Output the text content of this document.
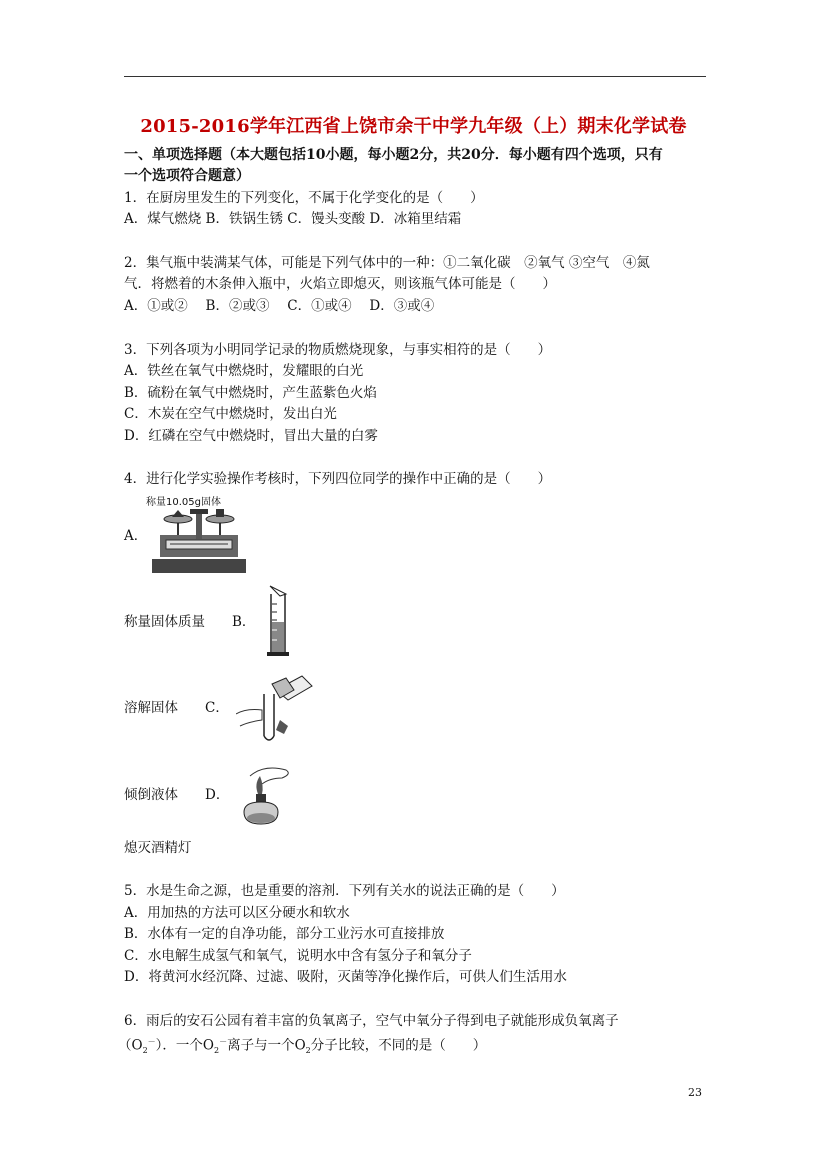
2015-2016学年江西省上饶市余干中学九年级（上）期末化学试卷
一、单项选择题（本大题包括10小题，每小题2分，共20分．每小题有四个选项，只有
一个选项符合题意）
1．在厨房里发生的下列变化，不属于化学变化的是（　　）
A．煤气燃烧 B．铁锅生锈 C．馒头变酸 D．冰箱里结霜
2．集气瓶中装满某气体，可能是下列气体中的一种：①二氧化碳　②氧气 ③空气　④氮
气．将燃着的木条伸入瓶中，火焰立即熄灭，则该瓶气体可能是（　　）
A．①或②　 B．②或③　 C．①或④　 D．③或④
3．下列各项为小明同学记录的物质燃烧现象，与事实相符的是（　　）
A．铁丝在氧气中燃烧时，发耀眼的白光
B．硫粉在氧气中燃烧时，产生蓝紫色火焰
C．木炭在空气中燃烧时，发出白光
D．红磷在空气中燃烧时，冒出大量的白雾
4．进行化学实验操作考核时，下列四位同学的操作中正确的是（　　）
称量10.05g固体
A．
称量固体质量　　B．
溶解固体　　C．
倾倒液体　　D．
熄灭酒精灯
5．水是生命之源，也是重要的溶剂．下列有关水的说法正确的是（　　）
A．用加热的方法可以区分硬水和软水
B．水体有一定的自净功能，部分工业污水可直接排放
C．水电解生成氢气和氧气，说明水中含有氢分子和氧分子
D．将黄河水经沉降、过滤、吸附，灭菌等净化操作后，可供人们生活用水
6．雨后的安石公园有着丰富的负氧离子，空气中氧分子得到电子就能形成负氧离子
$(O_2^-)$．一个$O_2^-$离子与一个$O_2$分子比较，不同的是（　　）
23
